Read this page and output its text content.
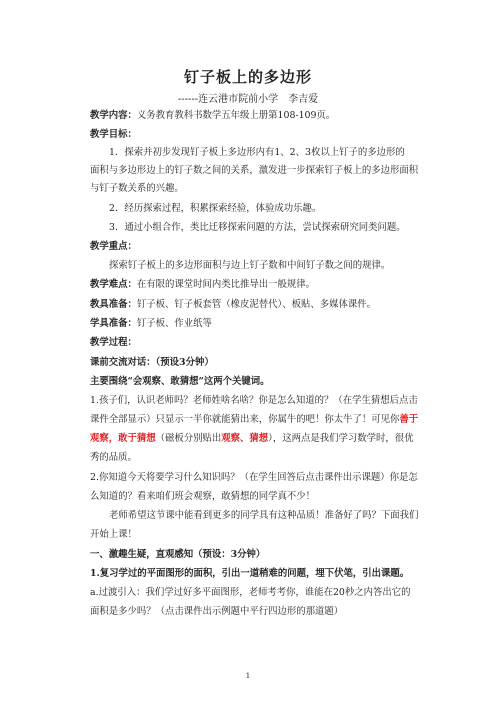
钉子板上的多边形
------连云港市院前小学　李吉爱
教学内容：义务教育教科书数学五年级上册第108-109页。
教学目标：
1．探索并初步发现钉子板上多边形内有1、2、3枚以上钉子的多边形的
面积与多边形边上的钉子数之间的关系，激发进一步探索钉子板上的多边形面积
与钉子数关系的兴趣。
2．经历探索过程，积累探索经验，体验成功乐趣。
3．通过小组合作，类比迁移探索问题的方法，尝试探索研究同类问题。
教学重点：
探索钉子板上的多边形面积与边上钉子数和中间钉子数之间的规律。
教学难点：在有限的课堂时间内类比推导出一般规律。
教具准备：钉子板、钉子板套管（橡皮泥替代）、板贴、多媒体课件。
学具准备：钉子板、作业纸等
教学过程：
课前交流对话：（预设3分钟）
主要围绕“会观察、敢猜想”这两个关键词。
1.孩子们，认识老师吗？老师姓啥名啥？你是怎么知道的？（在学生猜想后点击
课件全部显示）只显示一半你就能猜出来，你属牛的吧！你太牛了！可见你善于
观察，敢于猜想（磁板分别贴出观察、猜想），这两点是我们学习数学时，很优
秀的品质。
2.你知道今天将要学习什么知识吗？（在学生回答后点击课件出示课题）你是怎
么知道的？看来咱们班会观察，敢猜想的同学真不少！
老师希望这节课中能看到更多的同学具有这种品质！准备好了吗？下面我们
开始上课！
一、激趣生疑，直观感知（预设：3分钟）
1.复习学过的平面图形的面积，引出一道稍难的问题，埋下伏笔，引出课题。
a.过渡引入：我们学过好多平面图形，老师考考你，谁能在20秒之内答出它的
面积是多少吗？（点击课件出示例题中平行四边形的那道题）
1
